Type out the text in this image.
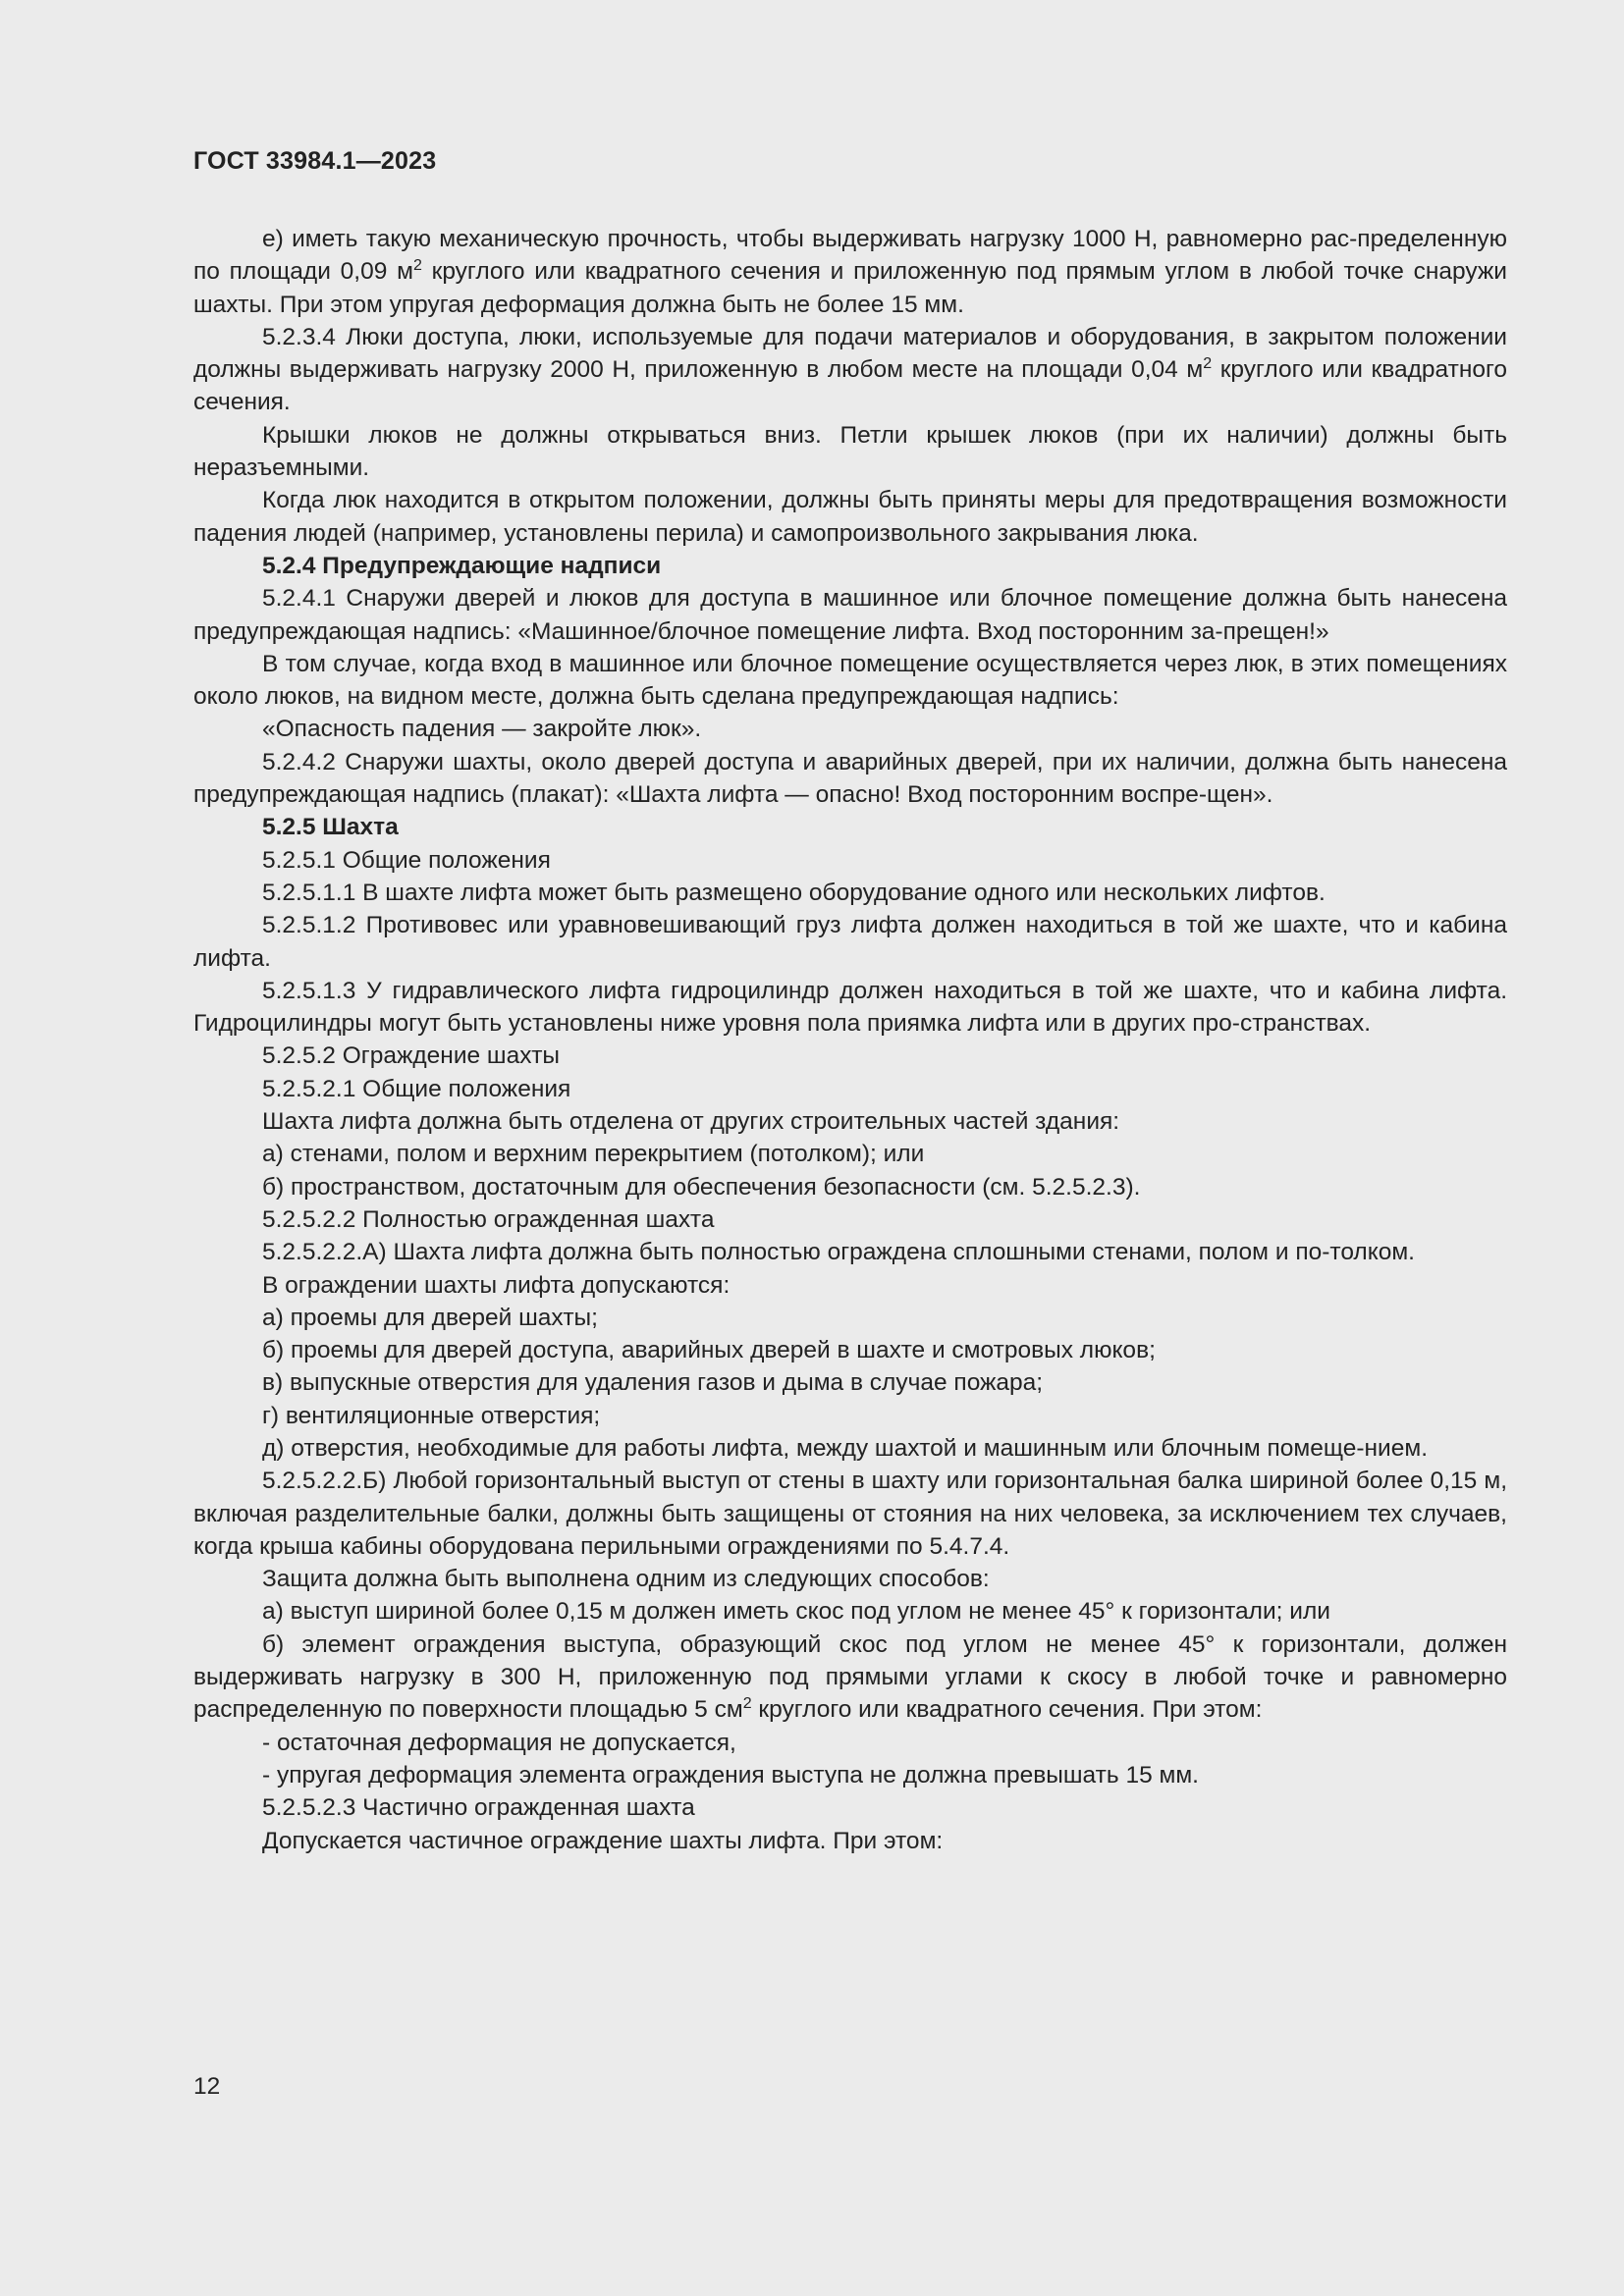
ГОСТ 33984.1—2023

е) иметь такую механическую прочность, чтобы выдерживать нагрузку 1000 Н, равномерно рас-пределенную по площади 0,09 $м^2$ круглого или квадратного сечения и приложенную под прямым углом в любой точке снаружи шахты. При этом упругая деформация должна быть не более 15 мм.

5.2.3.4 Люки доступа, люки, используемые для подачи материалов и оборудования, в закрытом положении должны выдерживать нагрузку 2000 Н, приложенную в любом месте на площади 0,04 $м^2$ круглого или квадратного сечения.

Крышки люков не должны открываться вниз. Петли крышек люков (при их наличии) должны быть неразъемными.

Когда люк находится в открытом положении, должны быть приняты меры для предотвращения возможности падения людей (например, установлены перила) и самопроизвольного закрывания люка.

5.2.4 Предупреждающие надписи

5.2.4.1 Снаружи дверей и люков для доступа в машинное или блочное помещение должна быть нанесена предупреждающая надпись: «Машинное/блочное помещение лифта. Вход посторонним за-прещен!»

В том случае, когда вход в машинное или блочное помещение осуществляется через люк, в этих помещениях около люков, на видном месте, должна быть сделана предупреждающая надпись:

«Опасность падения — закройте люк».

5.2.4.2 Снаружи шахты, около дверей доступа и аварийных дверей, при их наличии, должна быть нанесена предупреждающая надпись (плакат): «Шахта лифта — опасно! Вход посторонним воспре-щен».

5.2.5 Шахта

5.2.5.1 Общие положения

5.2.5.1.1 В шахте лифта может быть размещено оборудование одного или нескольких лифтов.

5.2.5.1.2 Противовес или уравновешивающий груз лифта должен находиться в той же шахте, что и кабина лифта.

5.2.5.1.3 У гидравлического лифта гидроцилиндр должен находиться в той же шахте, что и кабина лифта. Гидроцилиндры могут быть установлены ниже уровня пола приямка лифта или в других про-странствах.

5.2.5.2 Ограждение шахты

5.2.5.2.1 Общие положения

Шахта лифта должна быть отделена от других строительных частей здания:

а) стенами, полом и верхним перекрытием (потолком); или

б) пространством, достаточным для обеспечения безопасности (см. 5.2.5.2.3).

5.2.5.2.2 Полностью огражденная шахта

5.2.5.2.2.А) Шахта лифта должна быть полностью ограждена сплошными стенами, полом и по-толком.

В ограждении шахты лифта допускаются:

а) проемы для дверей шахты;

б) проемы для дверей доступа, аварийных дверей в шахте и смотровых люков;

в) выпускные отверстия для удаления газов и дыма в случае пожара;

г) вентиляционные отверстия;

д) отверстия, необходимые для работы лифта, между шахтой и машинным или блочным помеще-нием.

5.2.5.2.2.Б) Любой горизонтальный выступ от стены в шахту или горизонтальная балка шириной более 0,15 м, включая разделительные балки, должны быть защищены от стояния на них человека, за исключением тех случаев, когда крыша кабины оборудована перильными ограждениями по 5.4.7.4.

Защита должна быть выполнена одним из следующих способов:

а) выступ шириной более 0,15 м должен иметь скос под углом не менее 45° к горизонтали; или

б) элемент ограждения выступа, образующий скос под углом не менее 45° к горизонтали, должен выдерживать нагрузку в 300 Н, приложенную под прямыми углами к скосу в любой точке и равномерно распределенную по поверхности площадью 5 $см^2$ круглого или квадратного сечения. При этом:

- остаточная деформация не допускается,

- упругая деформация элемента ограждения выступа не должна превышать 15 мм.

5.2.5.2.3 Частично огражденная шахта

Допускается частичное ограждение шахты лифта. При этом:

12
